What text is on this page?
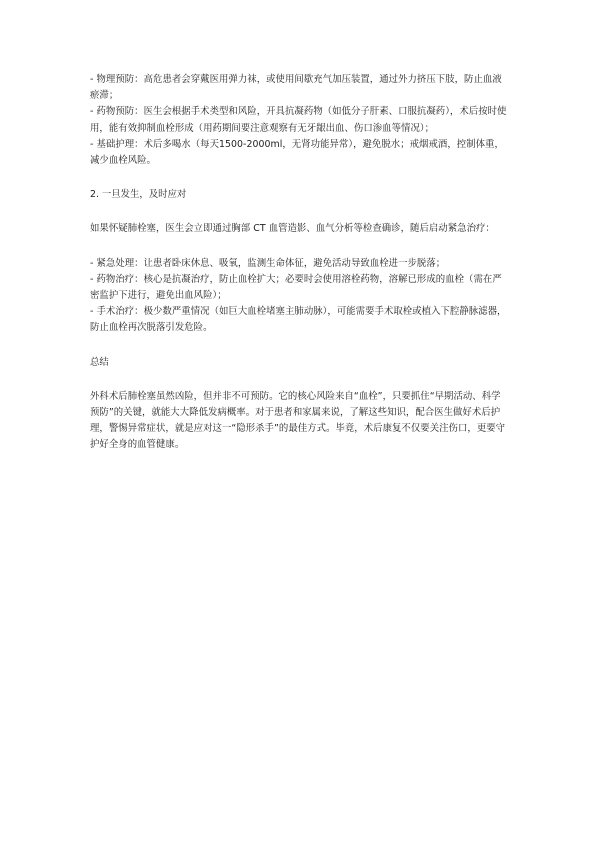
- 物理预防：高危患者会穿戴医用弹力袜，或使用间歇充气加压装置，通过外力挤压下肢，防止血液瘀滞；

- 药物预防：医生会根据手术类型和风险，开具抗凝药物（如低分子肝素、口服抗凝药），术后按时使用，能有效抑制血栓形成（用药期间要注意观察有无牙龈出血、伤口渗血等情况）；

- 基础护理：术后多喝水（每天1500-2000ml，无肾功能异常），避免脱水；戒烟戒酒，控制体重，减少血栓风险。

2. 一旦发生，及时应对

如果怀疑肺栓塞，医生会立即通过胸部 CT 血管造影、血气分析等检查确诊，随后启动紧急治疗：

- 紧急处理：让患者卧床休息、吸氧，监测生命体征，避免活动导致血栓进一步脱落；

- 药物治疗：核心是抗凝治疗，防止血栓扩大；必要时会使用溶栓药物，溶解已形成的血栓（需在严密监护下进行，避免出血风险）；

- 手术治疗：极少数严重情况（如巨大血栓堵塞主肺动脉），可能需要手术取栓或植入下腔静脉滤器，防止血栓再次脱落引发危险。

总结

外科术后肺栓塞虽然凶险，但并非不可预防。它的核心风险来自“血栓”，只要抓住“早期活动、科学预防”的关键，就能大大降低发病概率。对于患者和家属来说，了解这些知识，配合医生做好术后护理，警惕异常症状，就是应对这一“隐形杀手”的最佳方式。毕竟，术后康复不仅要关注伤口，更要守护好全身的血管健康。
